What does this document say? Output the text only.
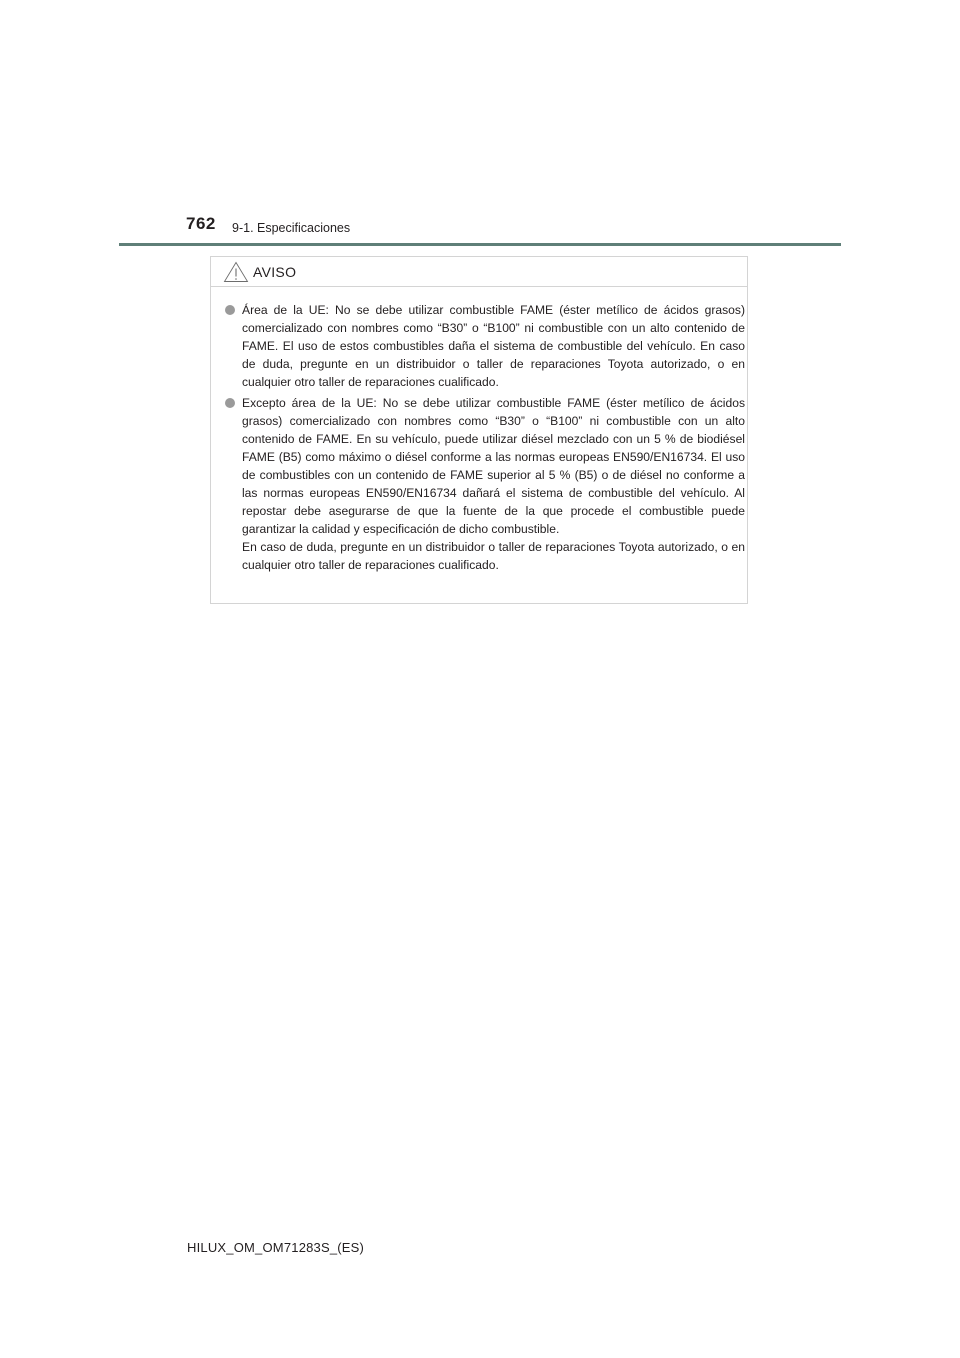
762 9-1. Especificaciones
AVISO
Área de la UE: No se debe utilizar combustible FAME (éster metílico de ácidos grasos) comercializado con nombres como “B30” o “B100” ni combustible con un alto contenido de FAME. El uso de estos combustibles daña el sistema de combustible del vehículo. En caso de duda, pregunte en un distribuidor o taller de reparaciones Toyota autorizado, o en cualquier otro taller de reparaciones cualificado.
Excepto área de la UE: No se debe utilizar combustible FAME (éster metílico de ácidos grasos) comercializado con nombres como “B30” o “B100” ni combustible con un alto contenido de FAME. En su vehículo, puede utilizar diésel mezclado con un 5 % de biodiésel FAME (B5) como máximo o diésel conforme a las normas europeas EN590/EN16734. El uso de combustibles con un contenido de FAME superior al 5 % (B5) o de diésel no conforme a las normas europeas EN590/EN16734 dañará el sistema de combustible del vehículo. Al repostar debe asegurarse de que la fuente de la que procede el combustible puede garantizar la calidad y especificación de dicho combustible.
En caso de duda, pregunte en un distribuidor o taller de reparaciones Toyota autorizado, o en cualquier otro taller de reparaciones cualificado.
HILUX_OM_OM71283S_(ES)
